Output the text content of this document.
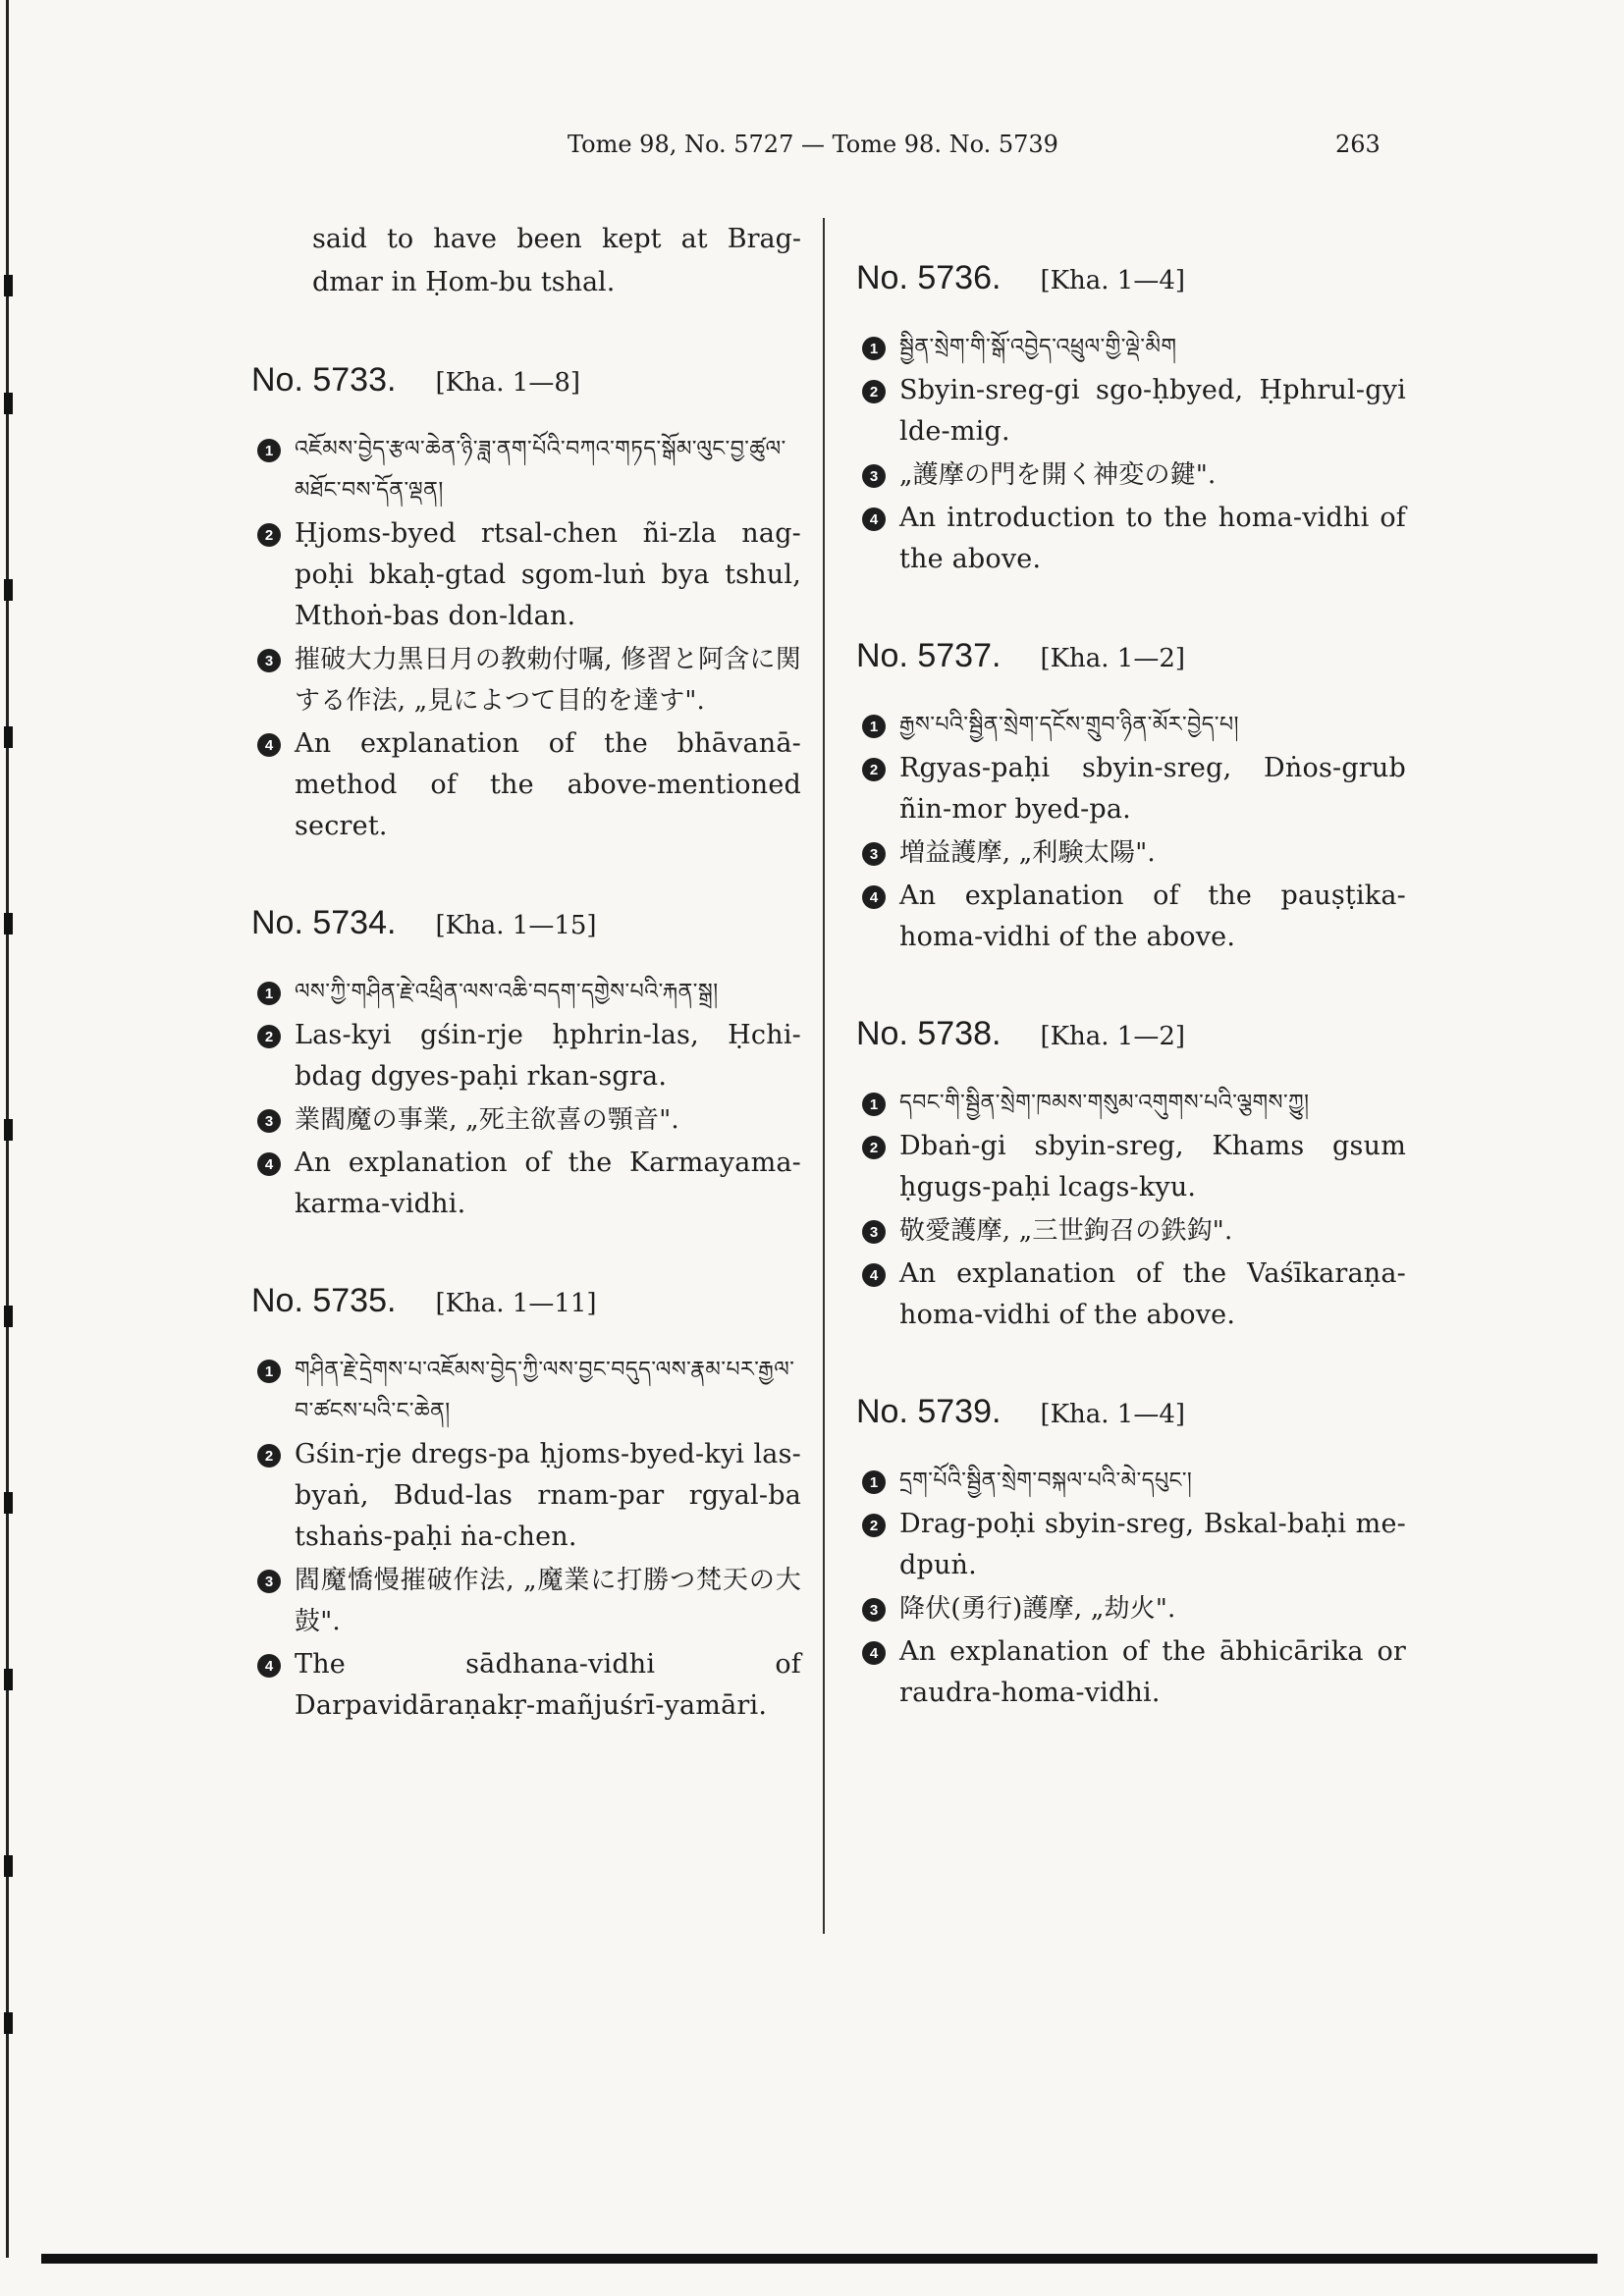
Tome 98, No. 5727 — Tome 98. No. 5739	263
said to have been kept at Brag-dmar in Ḥom-bu tshal.
No. 5733. [Kha. 1—8]
1 འཇོམས་བྱེད་རྩལ་ཆེན་ཉི་ཟླ་ནག་པོའི་བཀའ་གཏད་སྒོམ་ལུང་བྱ་ཚུལ་མཐོང་བས་དོན་ལྡན།
2 Ḥjoms-byed rtsal-chen ñi-zla nag-poḥi bkaḥ-gtad sgom-luṅ bya tshul, Mthoṅ-bas don-ldan.
3 摧破大力黒日月の教勅付嘱, 修習と阿含に関する作法, „見によつて目的を達す".
4 An explanation of the bhāvanā-method of the above-mentioned secret.
No. 5734. [Kha. 1—15]
1 ལས་ཀྱི་གཤིན་རྗེ་འཕྲིན་ལས་འཆི་བདག་དགྱེས་པའི་རྐན་སྒྲ།
2 Las-kyi gśin-rje ḥphrin-las, Ḥchi-bdag dgyes-paḥi rkan-sgra.
3 業閻魔の事業, „死主欲喜の顎音".
4 An explanation of the Karmayama-karma-vidhi.
No. 5735. [Kha. 1—11]
1 གཤིན་རྗེ་དྲེགས་པ་འཇོམས་བྱེད་ཀྱི་ལས་བྱང་བདུད་ལས་རྣམ་པར་རྒྱལ་བ་ཚངས་པའི་ང་ཆེན།
2 Gśin-rje dregs-pa ḥjoms-byed-kyi las-byaṅ, Bdud-las rnam-par rgyal-ba tshaṅs-paḥi ṅa-chen.
3 閻魔憍慢摧破作法, „魔業に打勝つ梵天の大鼓".
4 The sādhana-vidhi of Darpavidāraṇakṛ-mañjuśrī-yamāri.
No. 5736. [Kha. 1—4]
1 སྦྱིན་སྲེག་གི་སྒོ་འབྱེད་འཕྲུལ་གྱི་ལྡེ་མིག
2 Sbyin-sreg-gi sgo-ḥbyed, Ḥphrul-gyi lde-mig.
3 „護摩の門を開く神変の鍵".
4 An introduction to the homa-vidhi of the above.
No. 5737. [Kha. 1—2]
1 རྒྱས་པའི་སྦྱིན་སྲེག་དངོས་གྲུབ་ཉིན་མོར་བྱེད་པ།
2 Rgyas-paḥi sbyin-sreg, Dṅos-grub ñin-mor byed-pa.
3 増益護摩, „利験太陽".
4 An explanation of the pauṣṭika-homa-vidhi of the above.
No. 5738. [Kha. 1—2]
1 དབང་གི་སྦྱིན་སྲེག་ཁམས་གསུམ་འགུགས་པའི་ལྕགས་ཀྱུ།
2 Dbaṅ-gi sbyin-sreg, Khams gsum ḥgugs-paḥi lcags-kyu.
3 敬愛護摩, „三世鉤召の鉄鈎".
4 An explanation of the Vaśīkaraṇa-homa-vidhi of the above.
No. 5739. [Kha. 1—4]
1 དྲག་པོའི་སྦྱིན་སྲེག་བསྐལ་པའི་མེ་དཔུང་།
2 Drag-poḥi sbyin-sreg, Bskal-baḥi me-dpuṅ.
3 降伏(勇行)護摩, „劫火".
4 An explanation of the ābhicārika or raudra-homa-vidhi.
